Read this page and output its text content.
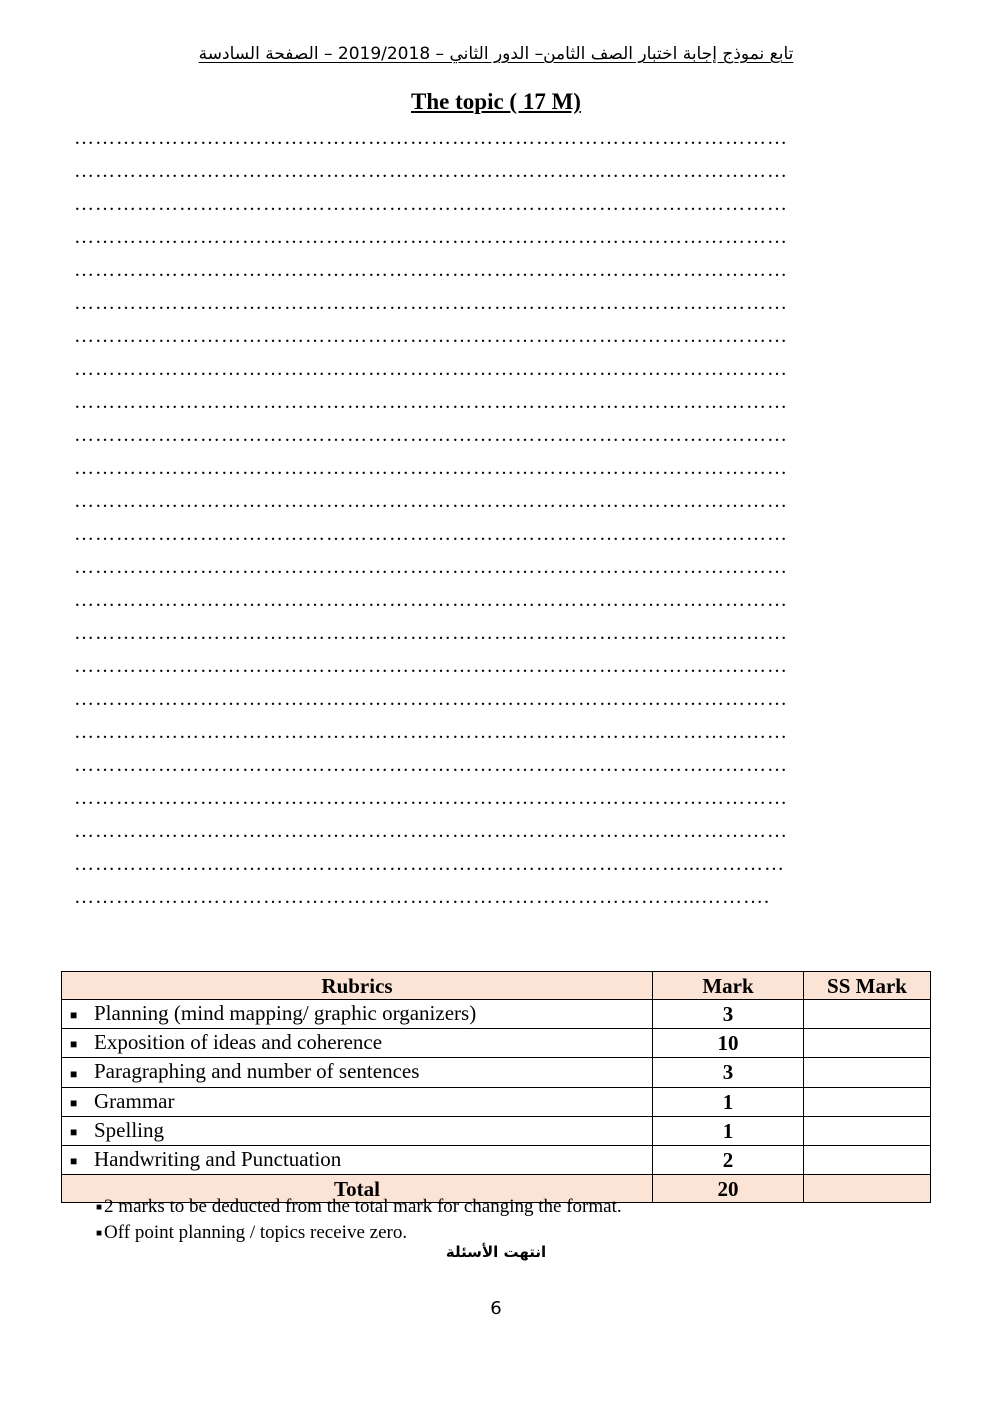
تابع نموذج إجابة اختبار الصف الثامن– الدور الثاني – 2019/2018 – الصفحة السادسة
The topic ( 17 M)
…………………………………………………………………………………………
…………………………………………………………………………………………
…………………………………………………………………………………………
…………………………………………………………………………………………
…………………………………………………………………………………………
…………………………………………………………………………………………
…………………………………………………………………………………………
…………………………………………………………………………………………
…………………………………………………………………………………………
…………………………………………………………………………………………
…………………………………………………………………………………………
…………………………………………………………………………………………
…………………………………………………………………………………………
…………………………………………………………………………………………
…………………………………………………………………………………………
…………………………………………………………………………………………
…………………………………………………………………………………………
…………………………………………………………………………………………
…………………………………………………………………………………………
…………………………………………………………………………………………
…………………………………………………………………………………………
…………………………………………………………………………………………
……………………………………………………………………………...…………
……………………………………………………………………………...……….
Rubrics	Mark	SS Mark
■ Planning (mind mapping/ graphic organizers)	3	
■ Exposition of ideas and coherence	10	
■ Paragraphing and number of sentences	3	
■ Grammar	1	
■ Spelling	1	
■ Handwriting and Punctuation	2	
Total	20	
■ 2 marks to be deducted from the total mark for changing the format.
■ Off point planning / topics receive zero.
انتهت الأسئلة
6
